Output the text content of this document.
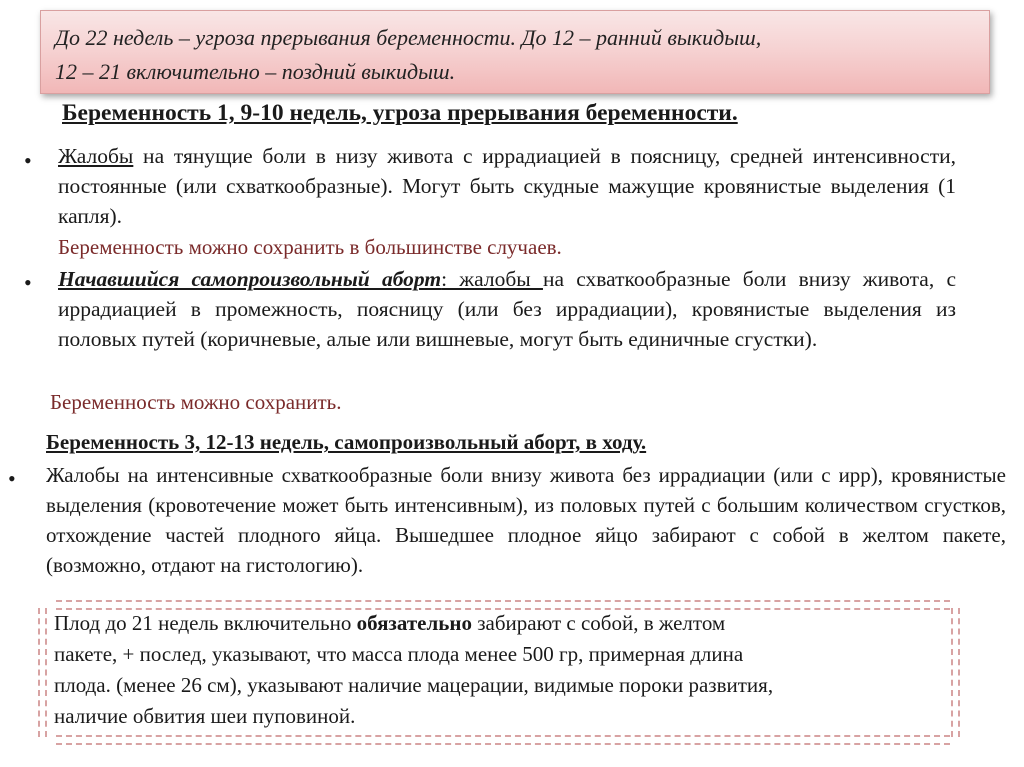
До 22 недель – угроза прерывания беременности. До 12 – ранний выкидыш,
12 – 21 включительно – поздний выкидыш.
Беременность 1, 9-10 недель, угроза прерывания беременности.
• Жалобы на тянущие боли в низу живота с иррадиацией в поясницу, средней интенсивности, постоянные (или схваткообразные). Могут быть скудные мажущие кровянистые выделения (1 капля).

Беременность можно сохранить в большинстве случаев.
• Начавшийся самопроизвольный аборт: жалобы на схваткообразные боли внизу живота, с иррадиацией в промежность, поясницу (или без иррадиации), кровянистые выделения из половых путей (коричневые, алые или вишневые, могут быть единичные сгустки).

Беременность можно сохранить.
Беременность 3, 12-13 недель, самопроизвольный аборт, в ходу.
• Жалобы на интенсивные схваткообразные боли внизу живота без иррадиации (или с ирр), кровянистые выделения (кровотечение может быть интенсивным), из половых путей с большим количеством сгустков, отхождение частей плодного яйца. Вышедшее плодное яйцо забирают с собой в желтом пакете, (возможно, отдают на гистологию).

Плод до 21 недель включительно обязательно забирают с собой, в желтом
пакете, + послед, указывают, что масса плода менее 500 гр, примерная длина
плода. (менее 26 см), указывают наличие мацерации, видимые пороки развития,
наличие обвития шеи пуповиной.
